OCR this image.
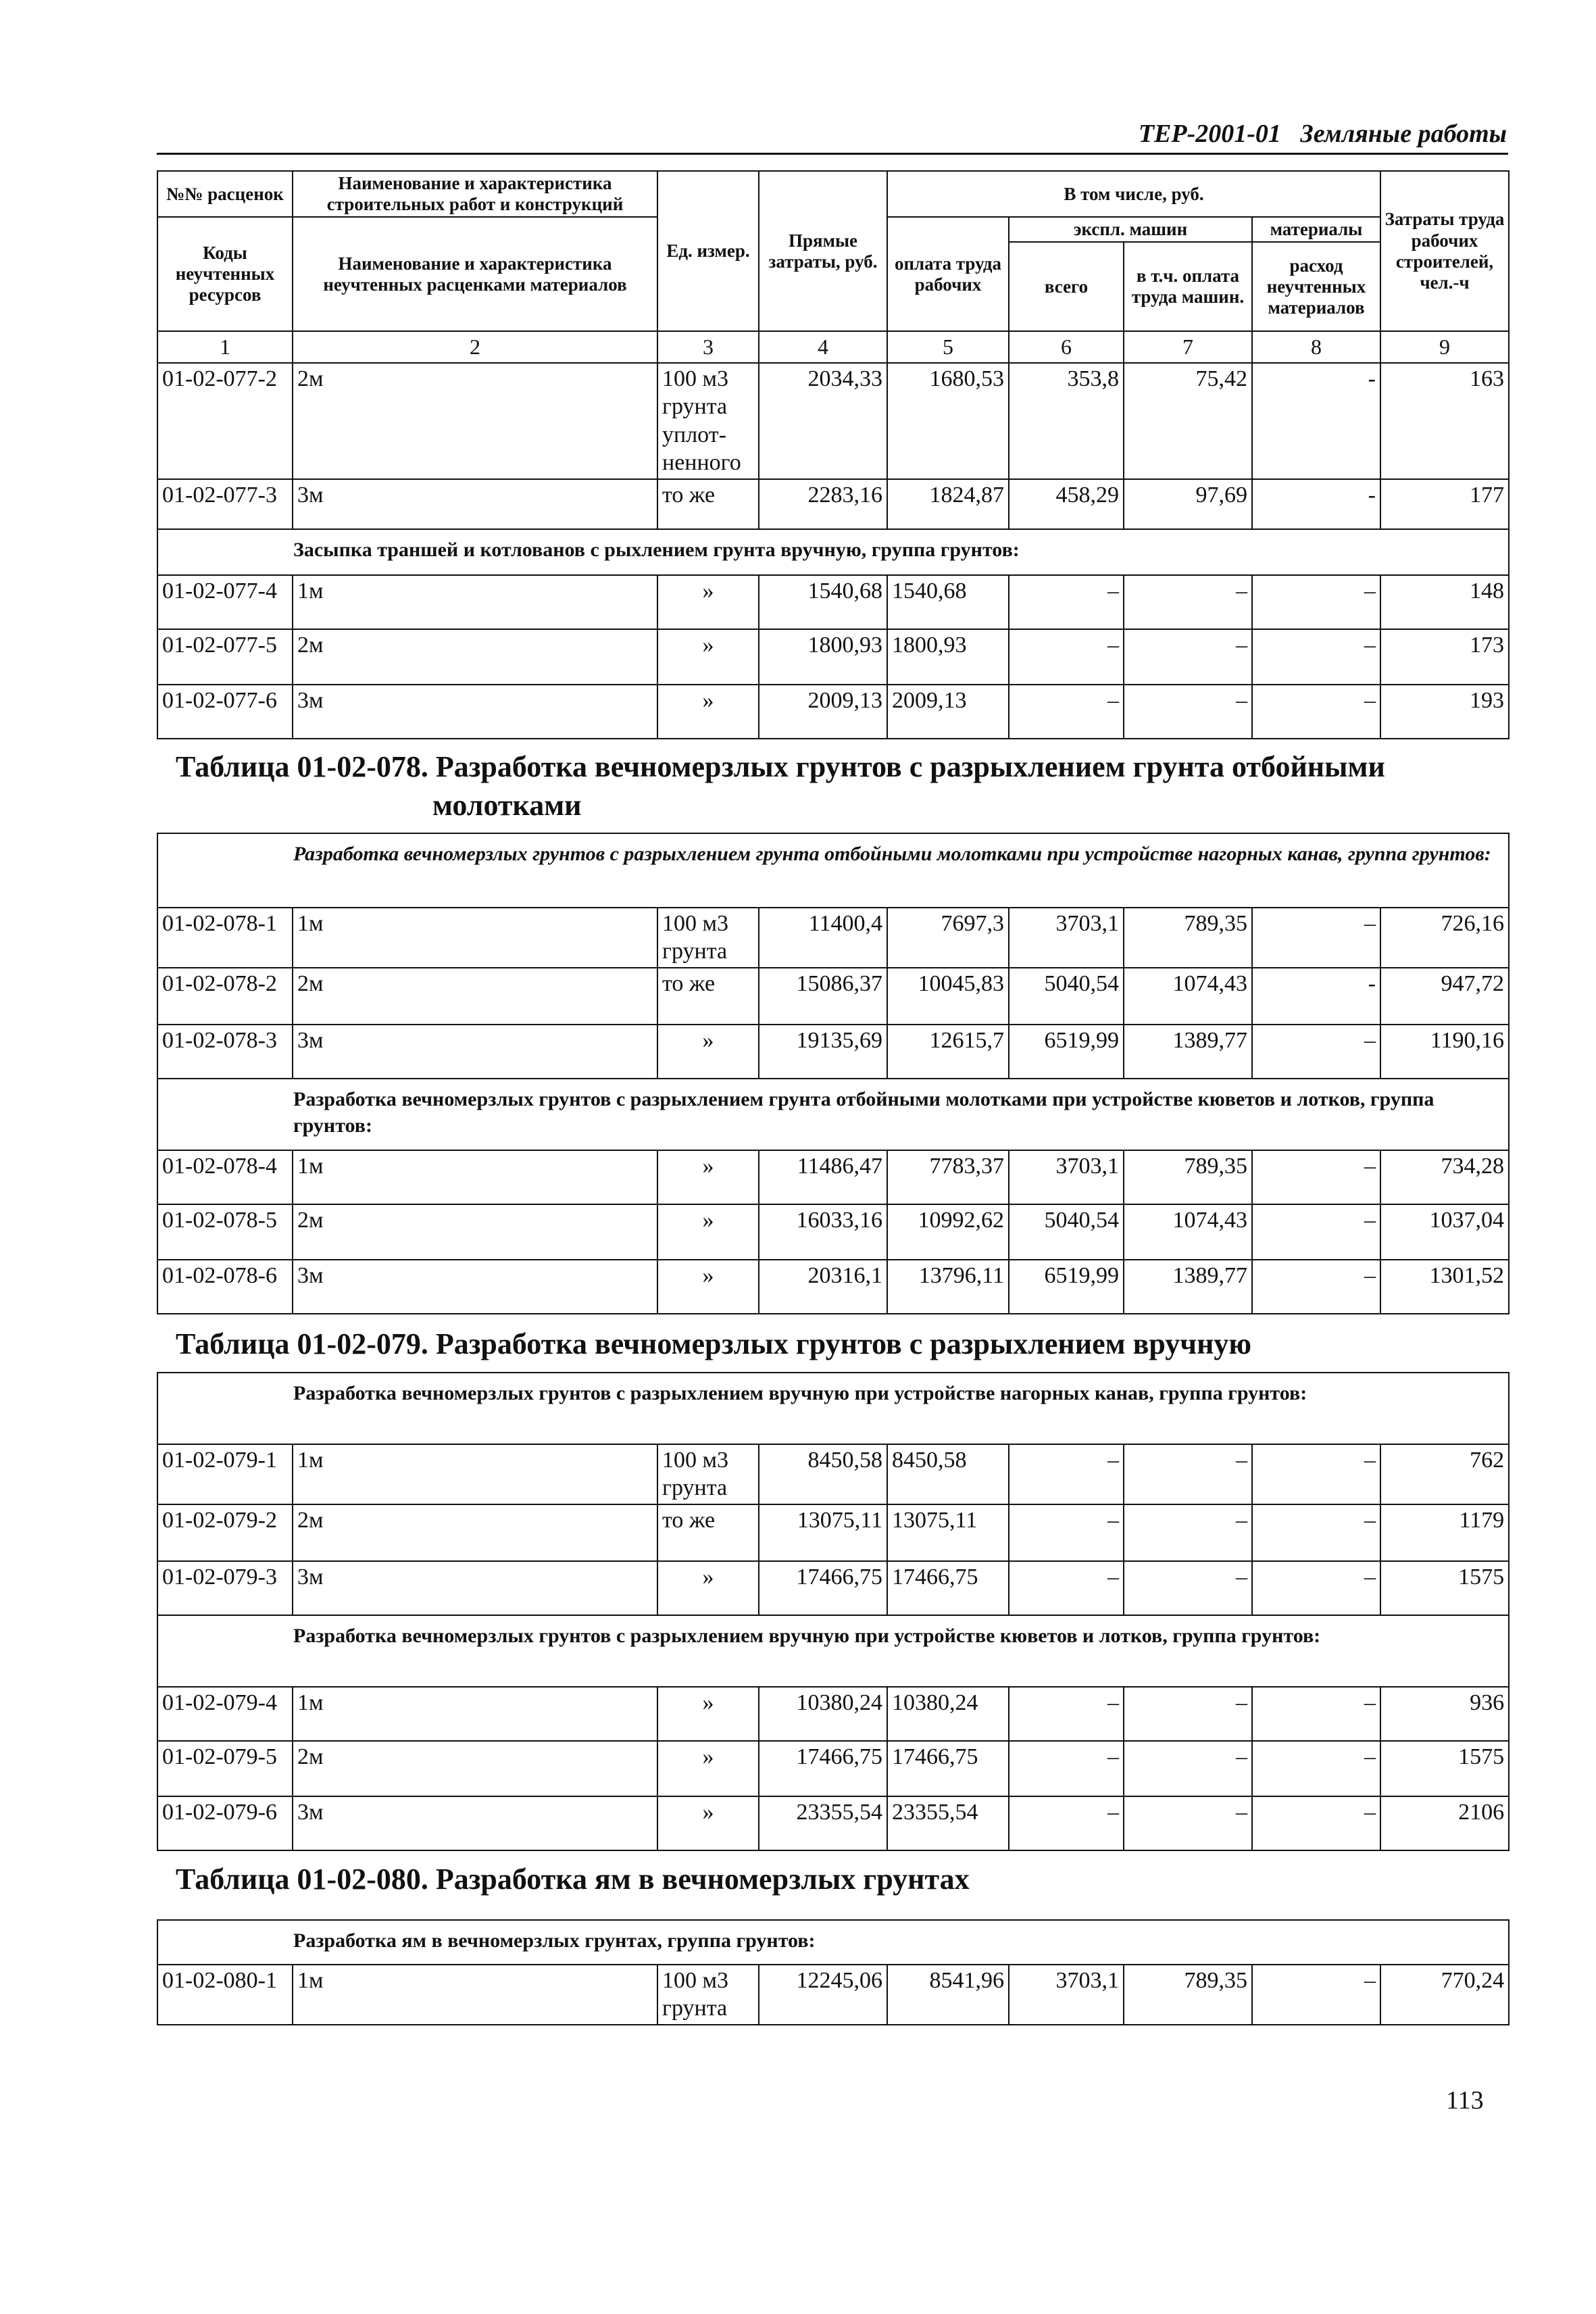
ТЕР-2001-01   Земляные работы
№№ расценок	Наименование и характеристика строительных работ и конструкций	Ед. измер.	Прямые затраты, руб.	В том числе, руб.				Затраты труда рабочих строителей, чел.-ч
Коды неучтенных ресурсов	Наименование и характеристика неучтенных расценками материалов			оплата труда рабочих	экспл. машин		материалы	
					всего	в т.ч. оплата труда машин.	расход неучтенных материалов	
1	2	3	4	5	6	7	8	9
01-02-077-2	2м	100 м3 грунта уплот-ненного	2034,33	1680,53	353,8	75,42	-	163
01-02-077-3	3м	то же	2283,16	1824,87	458,29	97,69	-	177
Засыпка траншей и котлованов с рыхлением грунта вручную, группа грунтов:								
01-02-077-4	1м	»	1540,68	1540,68	–	–	–	148
01-02-077-5	2м	»	1800,93	1800,93	–	–	–	173
01-02-077-6	3м	»	2009,13	2009,13	–	–	–	193
Таблица 01-02-078. Разработка вечномерзлых грунтов с разрыхлением грунта отбойными
молотками
Разработка вечномерзлых грунтов с разрыхлением грунта отбойными молотками при устройстве нагорных канав, группа грунтов:								
01-02-078-1	1м	100 м3 грунта	11400,4	7697,3	3703,1	789,35	–	726,16
01-02-078-2	2м	то же	15086,37	10045,83	5040,54	1074,43	-	947,72
01-02-078-3	3м	»	19135,69	12615,7	6519,99	1389,77	–	1190,16
Разработка вечномерзлых грунтов с разрыхлением грунта отбойными молотками при устройстве кюветов и лотков, группа грунтов:								
01-02-078-4	1м	»	11486,47	7783,37	3703,1	789,35	–	734,28
01-02-078-5	2м	»	16033,16	10992,62	5040,54	1074,43	–	1037,04
01-02-078-6	3м	»	20316,1	13796,11	6519,99	1389,77	–	1301,52
Таблица 01-02-079. Разработка вечномерзлых грунтов с разрыхлением вручную
Разработка вечномерзлых грунтов с разрыхлением вручную при устройстве нагорных канав, группа грунтов:								
01-02-079-1	1м	100 м3 грунта	8450,58	8450,58	–	–	–	762
01-02-079-2	2м	то же	13075,11	13075,11	–	–	–	1179
01-02-079-3	3м	»	17466,75	17466,75	–	–	–	1575
Разработка вечномерзлых грунтов с разрыхлением вручную при устройстве кюветов и лотков, группа грунтов:								
01-02-079-4	1м	»	10380,24	10380,24	–	–	–	936
01-02-079-5	2м	»	17466,75	17466,75	–	–	–	1575
01-02-079-6	3м	»	23355,54	23355,54	–	–	–	2106
Таблица 01-02-080. Разработка ям в вечномерзлых грунтах
Разработка ям в вечномерзлых грунтах, группа грунтов:
01-02-080-1	1м	100 м3 грунта	12245,06	8541,96	3703,1	789,35	–	770,24
113
